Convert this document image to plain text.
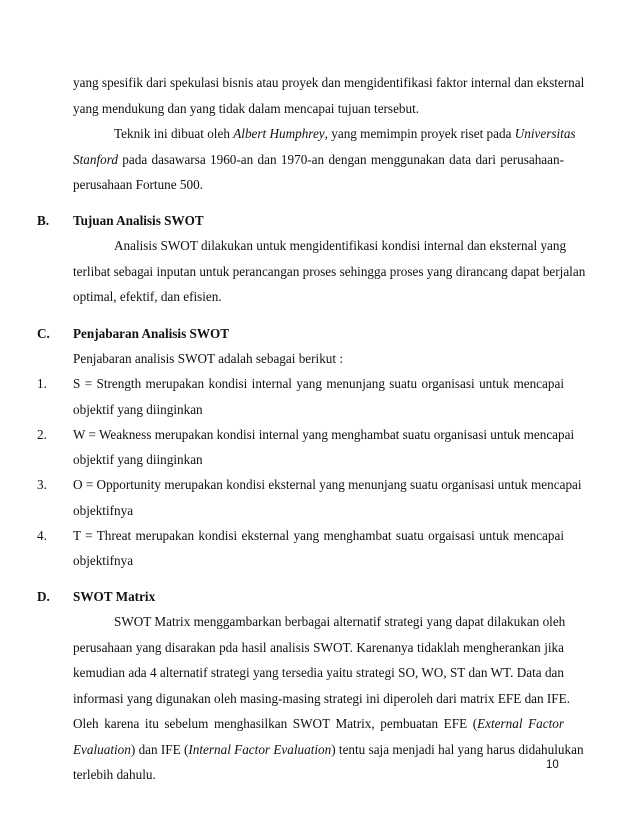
yang spesifik dari spekulasi bisnis atau proyek dan mengidentifikasi faktor internal dan eksternal
yang mendukung dan yang tidak dalam mencapai tujuan tersebut.
Teknik ini dibuat oleh Albert Humphrey, yang memimpin proyek riset pada Universitas
Stanford pada dasawarsa 1960-an dan 1970-an dengan menggunakan data dari perusahaan-
perusahaan Fortune 500.
B. Tujuan Analisis SWOT
Analisis SWOT dilakukan untuk mengidentifikasi kondisi internal dan eksternal yang
terlibat sebagai inputan untuk perancangan proses sehingga proses yang dirancang dapat berjalan
optimal, efektif, dan efisien.
C. Penjabaran Analisis SWOT
Penjabaran analisis SWOT adalah sebagai berikut :
1. S = Strength merupakan kondisi internal yang menunjang suatu organisasi untuk mencapai
objektif yang diinginkan
2. W = Weakness merupakan kondisi internal yang menghambat suatu organisasi untuk mencapai
objektif yang diinginkan
3. O = Opportunity merupakan kondisi eksternal yang menunjang suatu organisasi untuk mencapai
objektifnya
4. T = Threat merupakan kondisi eksternal yang menghambat suatu orgaisasi untuk mencapai
objektifnya
D. SWOT Matrix
SWOT Matrix menggambarkan berbagai alternatif strategi yang dapat dilakukan oleh
perusahaan yang disarakan pda hasil analisis SWOT. Karenanya tidaklah mengherankan jika
kemudian ada 4 alternatif strategi yang tersedia yaitu strategi SO, WO, ST dan WT. Data dan
informasi yang digunakan oleh masing-masing strategi ini diperoleh dari matrix EFE dan IFE.
Oleh karena itu sebelum menghasilkan SWOT Matrix, pembuatan EFE (External Factor
Evaluation) dan IFE (Internal Factor Evaluation) tentu saja menjadi hal yang harus didahulukan
terlebih dahulu.
10
